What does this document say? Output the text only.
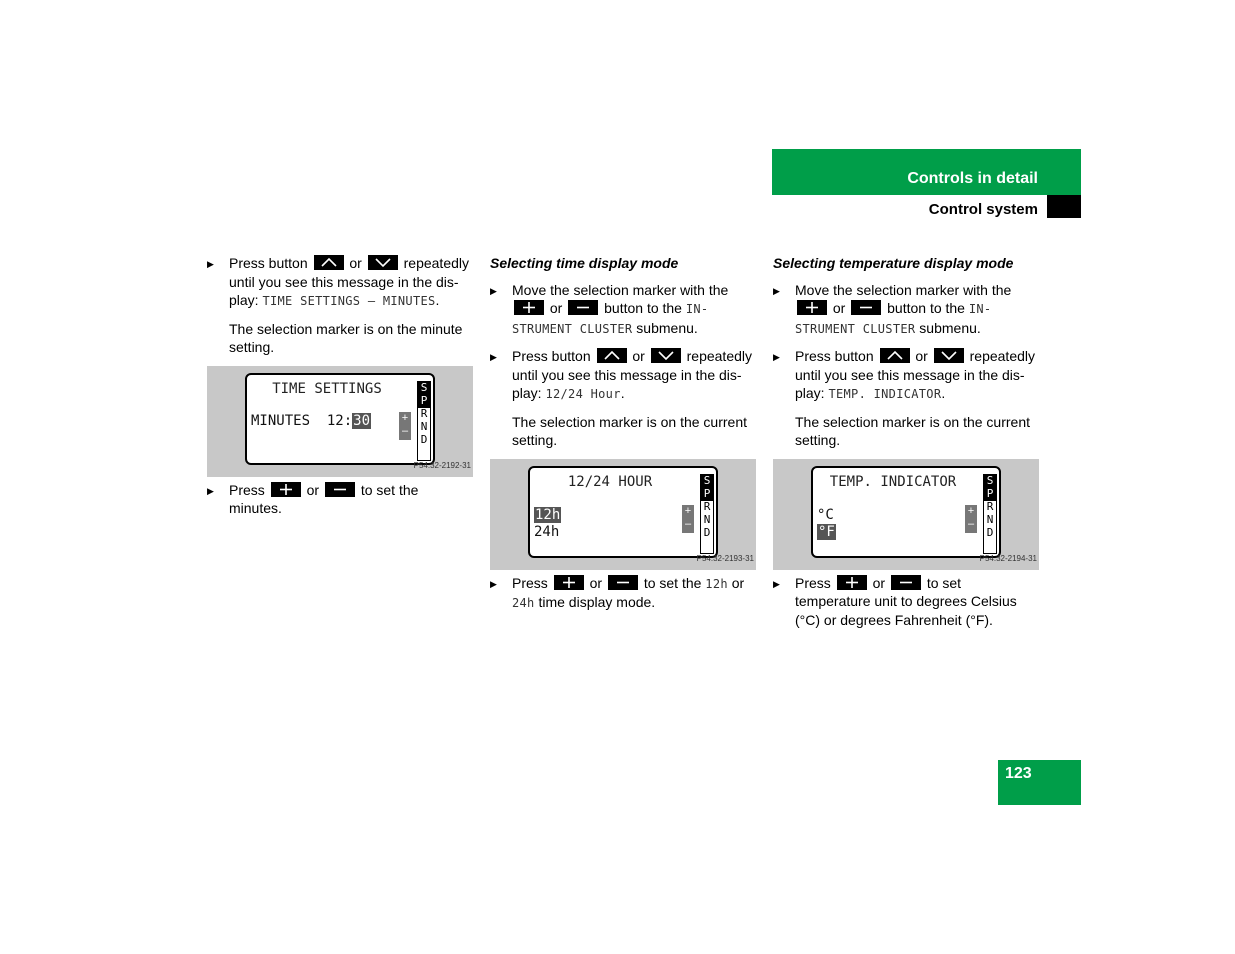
Controls in detail
Control system
▶ Press button	or	repeatedly until you see this message in the dis-play: TIME SETTINGS – MINUTES.
The selection marker is on the minute setting.
TIME SETTINGS
MINUTES 12:30	+
–
S
P
R
N
D
P54.32-2192-31
▶ Press	or	to set the minutes.
Selecting time display mode
▶ Move the selection marker with the
or	button to the IN-STRUMENT CLUSTER submenu.
▶ Press button	or	repeatedly until you see this message in the dis-play: 12/24 Hour.
The selection marker is on the current setting.
12/24 HOUR
12h
24h
+
–
S
P
R
N
D
P54.32-2193-31
▶ Press	or	to set the 12h or 24h time display mode.
Selecting temperature display mode
▶ Move the selection marker with the
or	button to the IN-STRUMENT CLUSTER submenu.
▶ Press button	or	repeatedly until you see this message in the dis-play: TEMP. INDICATOR.
The selection marker is on the current setting.
TEMP. INDICATOR
°C
°F
+
–
S
P
R
N
D
P54.32-2194-31
▶ Press	or	to set temperature unit to degrees Celsius (°C) or degrees Fahrenheit (°F).
123
